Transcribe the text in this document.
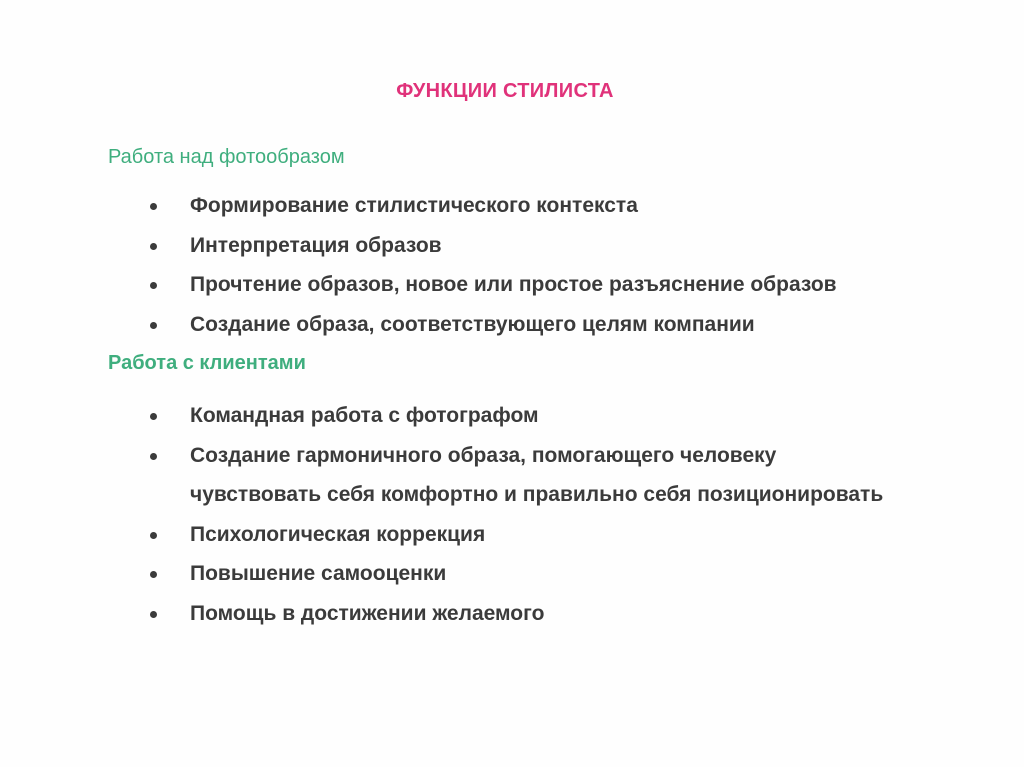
ФУНКЦИИ СТИЛИСТА
Работа над фотообразом
Формирование стилистического контекста
Интерпретация образов
Прочтение образов, новое или простое разъяснение образов
Создание образа, соответствующего целям компании
Работа с клиентами
Командная работа с фотографом
Создание гармоничного образа, помогающего человеку
чувствовать себя комфортно и правильно себя позиционировать
Психологическая коррекция
Повышение самооценки
Помощь в достижении желаемого
